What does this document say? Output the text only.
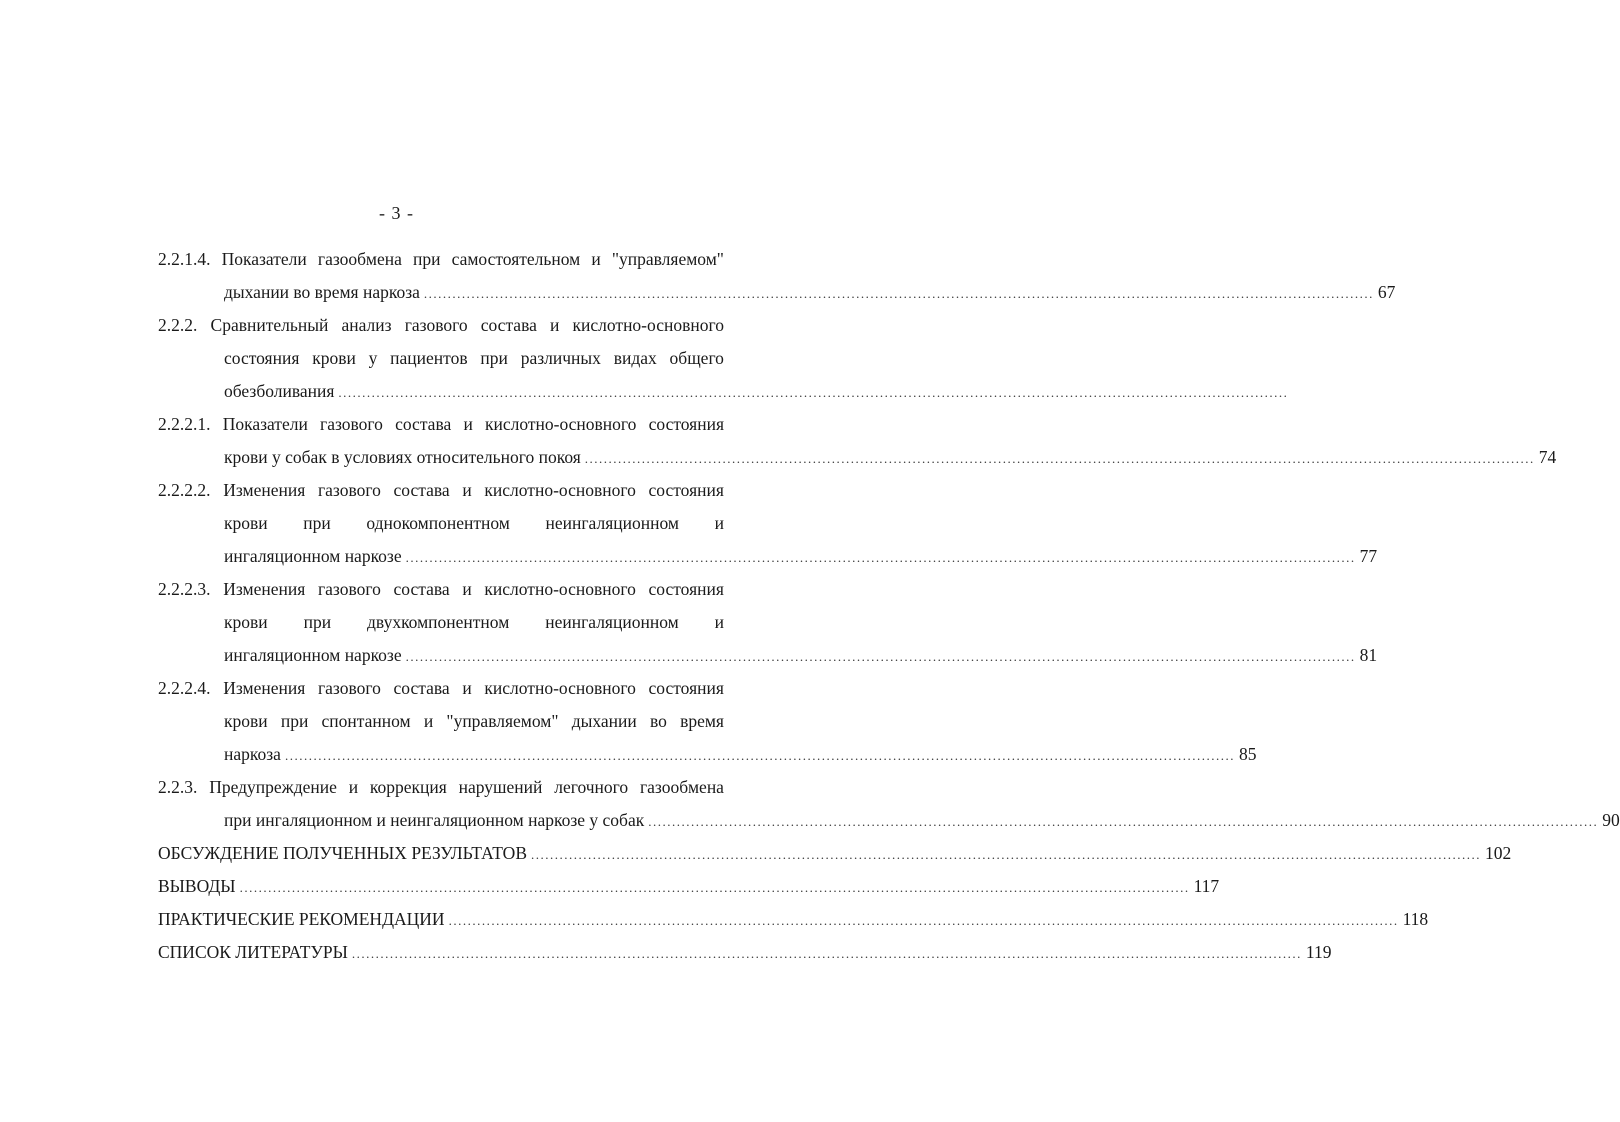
- 3 -
2.2.1.4. Показатели газообмена при самостоятельном и "управляемом"
дыхании во время наркоза ........................................................................................................................................................................................................ 67
2.2.2. Сравнительный анализ газового состава и кислотно-основного
состояния крови у пациентов при различных видах общего
обезболивания ........................................................................................................................................................................................................
2.2.2.1. Показатели газового состава и кислотно-основного состояния
крови у собак в условиях относительного покоя ........................................................................................................................................................................................................ 74
2.2.2.2. Изменения газового состава и кислотно-основного состояния
крови при однокомпонентном неингаляционном и
ингаляционном наркозе ........................................................................................................................................................................................................ 77
2.2.2.3. Изменения газового состава и кислотно-основного состояния
крови при двухкомпонентном неингаляционном и
ингаляционном наркозе ........................................................................................................................................................................................................ 81
2.2.2.4. Изменения газового состава и кислотно-основного состояния
крови при спонтанном и "управляемом" дыхании во время
наркоза ........................................................................................................................................................................................................ 85
2.2.3. Предупреждение и коррекция нарушений легочного газообмена
при ингаляционном и неингаляционном наркозе у собак ........................................................................................................................................................................................................ 90
ОБСУЖДЕНИЕ ПОЛУЧЕННЫХ РЕЗУЛЬТАТОВ ........................................................................................................................................................................................................ 102
ВЫВОДЫ ........................................................................................................................................................................................................ 117
ПРАКТИЧЕСКИЕ РЕКОМЕНДАЦИИ ........................................................................................................................................................................................................ 118
СПИСОК ЛИТЕРАТУРЫ ........................................................................................................................................................................................................ 119
